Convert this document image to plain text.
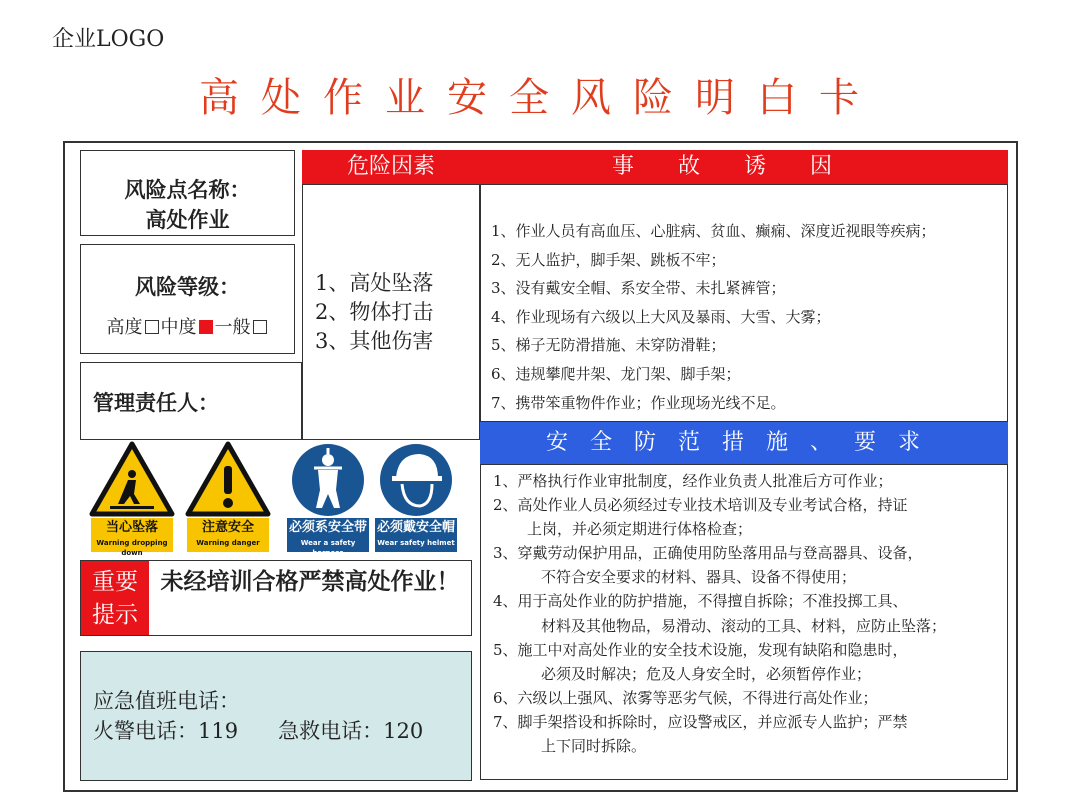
企业LOGO
高处作业安全风险明白卡
风险点名称：
高处作业
风险等级：
高度 中度 一般
管理责任人：
危险因素
1、高处坠落
2、物体打击
3、其他伤害
事故诱因
1、作业人员有高血压、心脏病、贫血、癫痫、深度近视眼等疾病；
2、无人监护，脚手架、跳板不牢；
3、没有戴安全帽、系安全带、未扎紧裤管；
4、作业现场有六级以上大风及暴雨、大雪、大雾；
5、梯子无防滑措施、未穿防滑鞋；
6、违规攀爬井架、龙门架、脚手架；
7、携带笨重物件作业；作业现场光线不足。
安全防范措施、要求
1、严格执行作业审批制度，经作业负责人批准后方可作业；
2、高处作业人员必须经过专业技术培训及专业考试合格，持证
上岗，并必须定期进行体格检查；
3、穿戴劳动保护用品，正确使用防坠落用品与登高器具、设备，
不符合安全要求的材料、器具、设备不得使用；
4、用于高处作业的防护措施，不得擅自拆除；不准投掷工具、
材料及其他物品，易滑动、滚动的工具、材料，应防止坠落；
5、施工中对高处作业的安全技术设施，发现有缺陷和隐患时，
必须及时解决；危及人身安全时，必须暂停作业；
6、六级以上强风、浓雾等恶劣气候，不得进行高处作业；
7、脚手架搭设和拆除时，应设警戒区，并应派专人监护；严禁
上下同时拆除。
当心坠落
Warning dropping down
注意安全
Warning danger
必须系安全带
Wear a safety harness
必须戴安全帽
Wear safety helmet
重要
提示
未经培训合格严禁高处作业！
应急值班电话：
火警电话：119 急救电话：120
